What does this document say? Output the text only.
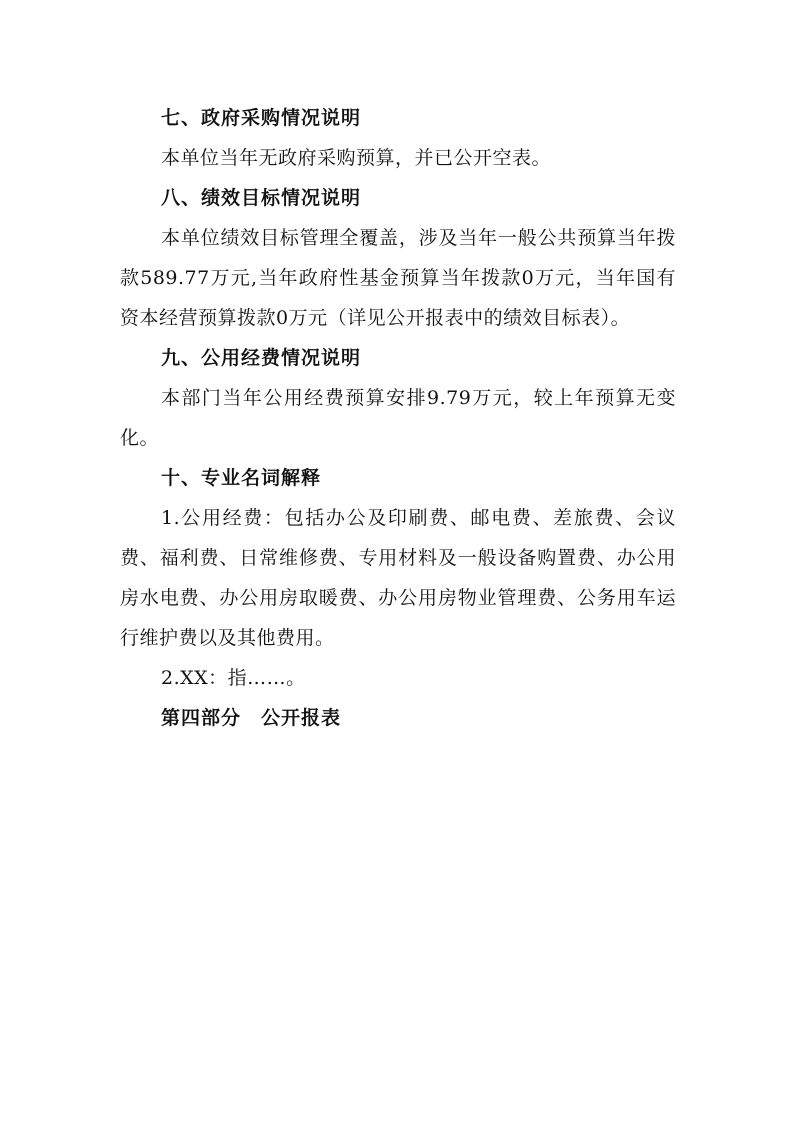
七、政府采购情况说明
本单位当年无政府采购预算，并已公开空表。
八、绩效目标情况说明
本单位绩效目标管理全覆盖，涉及当年一般公共预算当年拨款589.77万元,当年政府性基金预算当年拨款0万元，当年国有资本经营预算拨款0万元（详见公开报表中的绩效目标表）。
九、公用经费情况说明
本部门当年公用经费预算安排9.79万元，较上年预算无变化。
十、专业名词解释
1.公用经费：包括办公及印刷费、邮电费、差旅费、会议费、福利费、日常维修费、专用材料及一般设备购置费、办公用房水电费、办公用房取暖费、办公用房物业管理费、公务用车运行维护费以及其他费用。
2.XX：指……。
第四部分　公开报表
